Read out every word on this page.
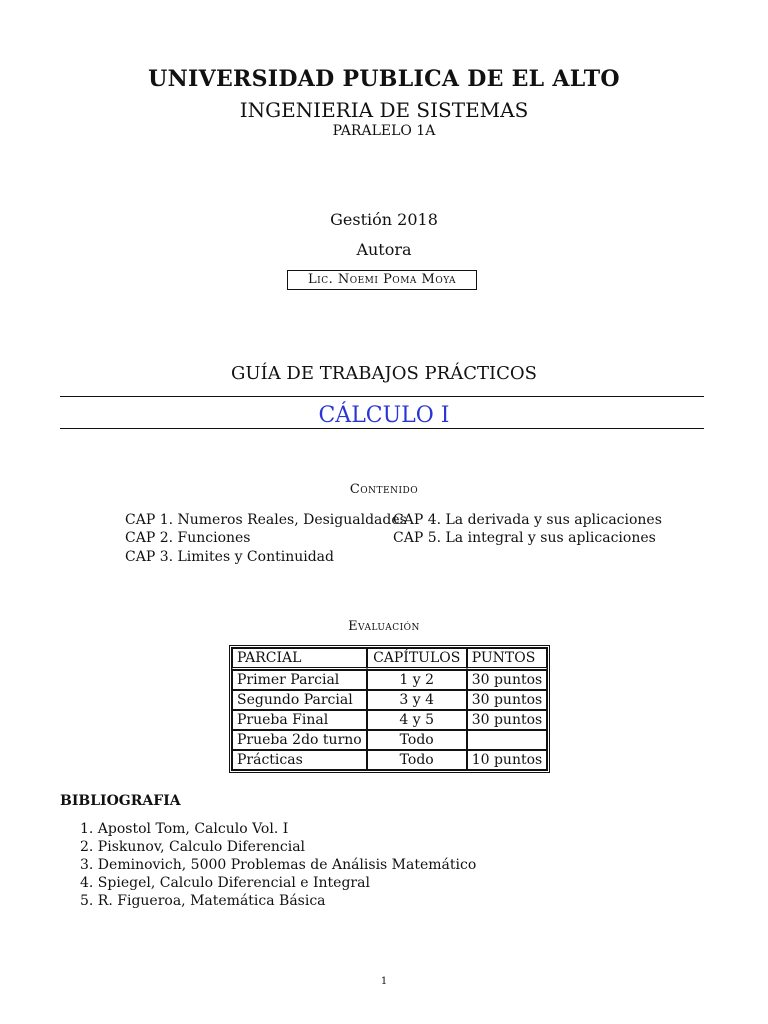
UNIVERSIDAD PUBLICA DE EL ALTO
INGENIERIA DE SISTEMAS
PARALELO 1A
Gestión 2018
Autora
Lic. Noemi Poma Moya
GUÍA DE TRABAJOS PRÁCTICOS
CÁLCULO I
Contenido
CAP 1. Numeros Reales, Desigualdades
CAP 2. Funciones
CAP 3. Limites y Continuidad
CAP 4. La derivada y sus aplicaciones
CAP 5. La integral y sus aplicaciones
Evaluación
PARCIAL	CAPÍTULOS	PUNTOS
Primer Parcial	1 y 2	30 puntos
Segundo Parcial	3 y 4	30 puntos
Prueba Final	4 y 5	30 puntos
Prueba 2do turno	Todo	
Prácticas	Todo	10 puntos
BIBLIOGRAFIA
1. Apostol Tom, Calculo Vol. I
2. Piskunov, Calculo Diferencial
3. Deminovich, 5000 Problemas de Análisis Matemático
4. Spiegel, Calculo Diferencial e Integral
5. R. Figueroa, Matemática Básica
1
